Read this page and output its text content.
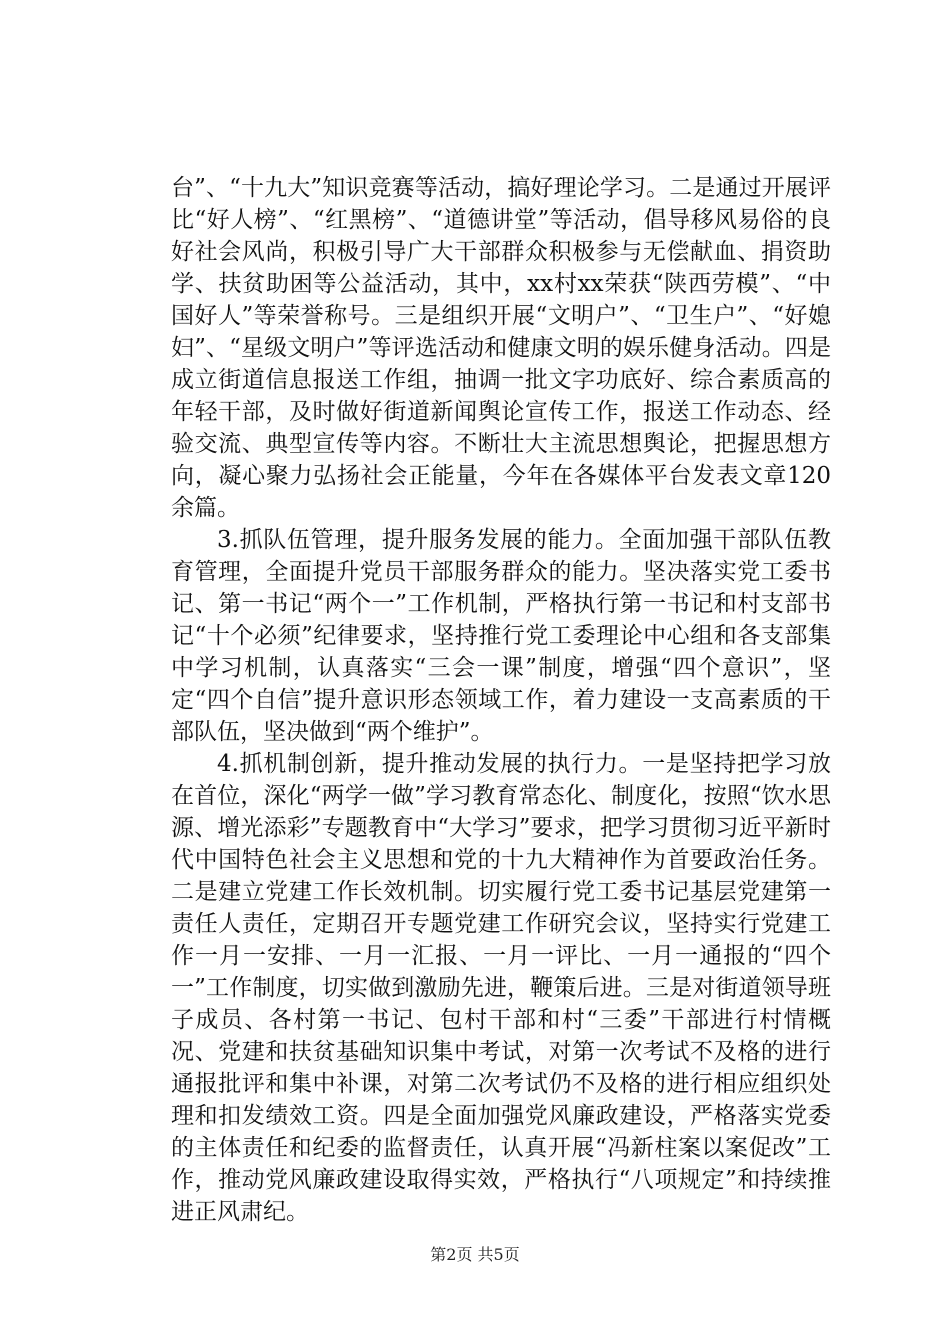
台”、“十九大”知识竞赛等活动，搞好理论学习。二是通过开展评比“好人榜”、“红黑榜”、“道德讲堂”等活动，倡导移风易俗的良好社会风尚，积极引导广大干部群众积极参与无偿献血、捐资助学、扶贫助困等公益活动，其中，xx村xx荣获“陕西劳模”、“中国好人”等荣誉称号。三是组织开展“文明户”、“卫生户”、“好媳妇”、“星级文明户”等评选活动和健康文明的娱乐健身活动。四是成立街道信息报送工作组，抽调一批文字功底好、综合素质高的年轻干部，及时做好街道新闻舆论宣传工作，报送工作动态、经验交流、典型宣传等内容。不断壮大主流思想舆论，把握思想方向，凝心聚力弘扬社会正能量，今年在各媒体平台发表文章120余篇。

3.抓队伍管理，提升服务发展的能力。全面加强干部队伍教育管理，全面提升党员干部服务群众的能力。坚决落实党工委书记、第一书记“两个一”工作机制，严格执行第一书记和村支部书记“十个必须”纪律要求，坚持推行党工委理论中心组和各支部集中学习机制，认真落实“三会一课”制度，增强“四个意识”，坚定“四个自信”提升意识形态领域工作，着力建设一支高素质的干部队伍，坚决做到“两个维护”。

4.抓机制创新，提升推动发展的执行力。一是坚持把学习放在首位，深化“两学一做”学习教育常态化、制度化，按照“饮水思源、增光添彩”专题教育中“大学习”要求，把学习贯彻习近平新时代中国特色社会主义思想和党的十九大精神作为首要政治任务。二是建立党建工作长效机制。切实履行党工委书记基层党建第一责任人责任，定期召开专题党建工作研究会议，坚持实行党建工作一月一安排、一月一汇报、一月一评比、一月一通报的“四个一”工作制度，切实做到激励先进，鞭策后进。三是对街道领导班子成员、各村第一书记、包村干部和村“三委”干部进行村情概况、党建和扶贫基础知识集中考试，对第一次考试不及格的进行通报批评和集中补课，对第二次考试仍不及格的进行相应组织处理和扣发绩效工资。四是全面加强党风廉政建设，严格落实党委的主体责任和纪委的监督责任，认真开展“冯新柱案以案促改”工作，推动党风廉政建设取得实效，严格执行“八项规定”和持续推进正风肃纪。

第2页 共5页
